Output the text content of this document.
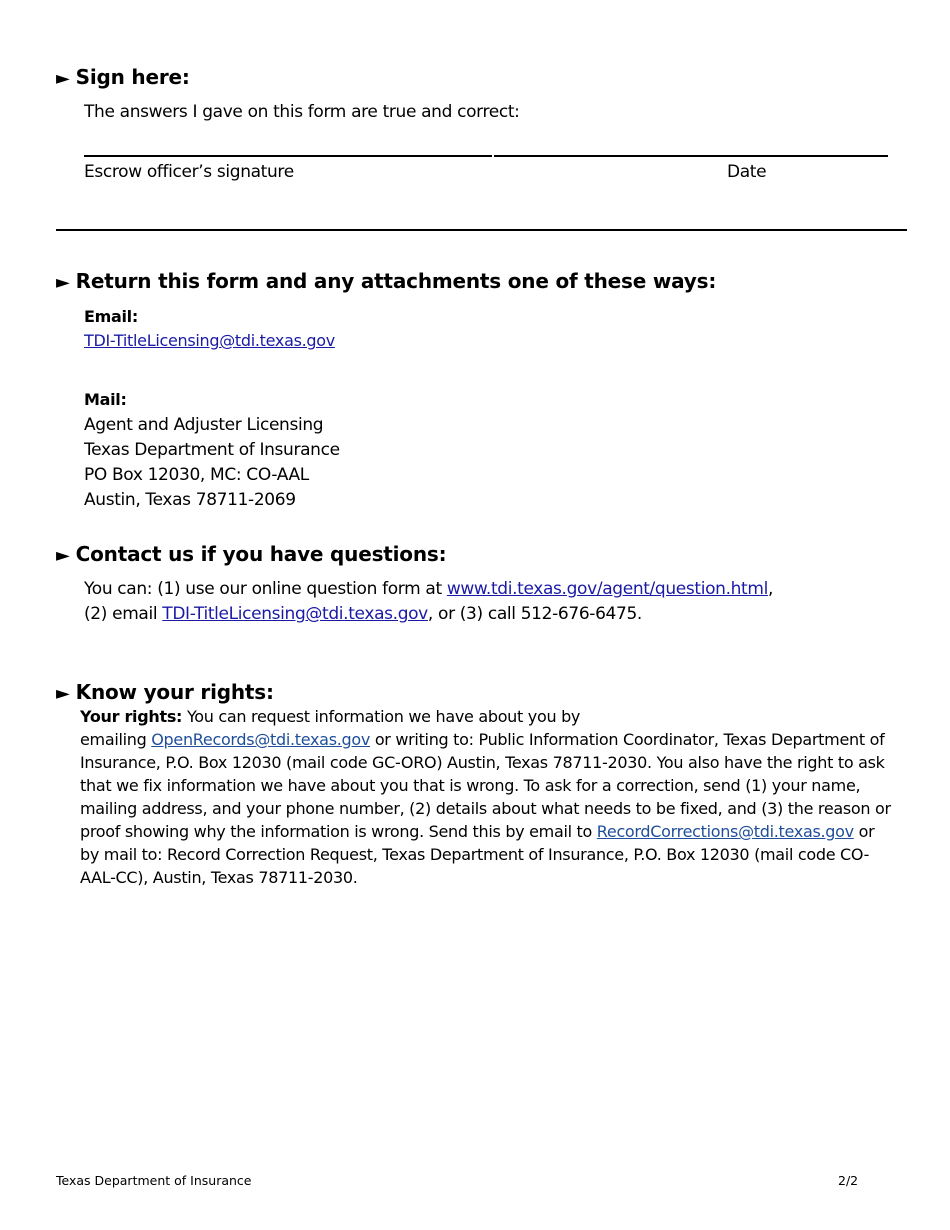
► Sign here:
The answers I gave on this form are true and correct:
Escrow officer’s signature	Date
► Return this form and any attachments one of these ways:
Email:
TDI-TitleLicensing@tdi.texas.gov
Mail:
Agent and Adjuster Licensing
Texas Department of Insurance
PO Box 12030, MC: CO-AAL
Austin, Texas 78711-2069
► Contact us if you have questions:
You can: (1) use our online question form at www.tdi.texas.gov/agent/question.html,
(2) email TDI-TitleLicensing@tdi.texas.gov, or (3) call 512-676-6475.
► Know your rights:
Your rights: You can request information we have about you by
emailing OpenRecords@tdi.texas.gov or writing to: Public Information Coordinator, Texas Department of Insurance, P.O. Box 12030 (mail code GC-ORO) Austin, Texas 78711-2030. You also have the right to ask that we fix information we have about you that is wrong. To ask for a correction, send (1) your name, mailing address, and your phone number, (2) details about what needs to be fixed, and (3) the reason or proof showing why the information is wrong. Send this by email to RecordCorrections@tdi.texas.gov or by mail to: Record Correction Request, Texas Department of Insurance, P.O. Box 12030 (mail code CO-AAL-CC), Austin, Texas 78711-2030.
Texas Department of Insurance	2/2
